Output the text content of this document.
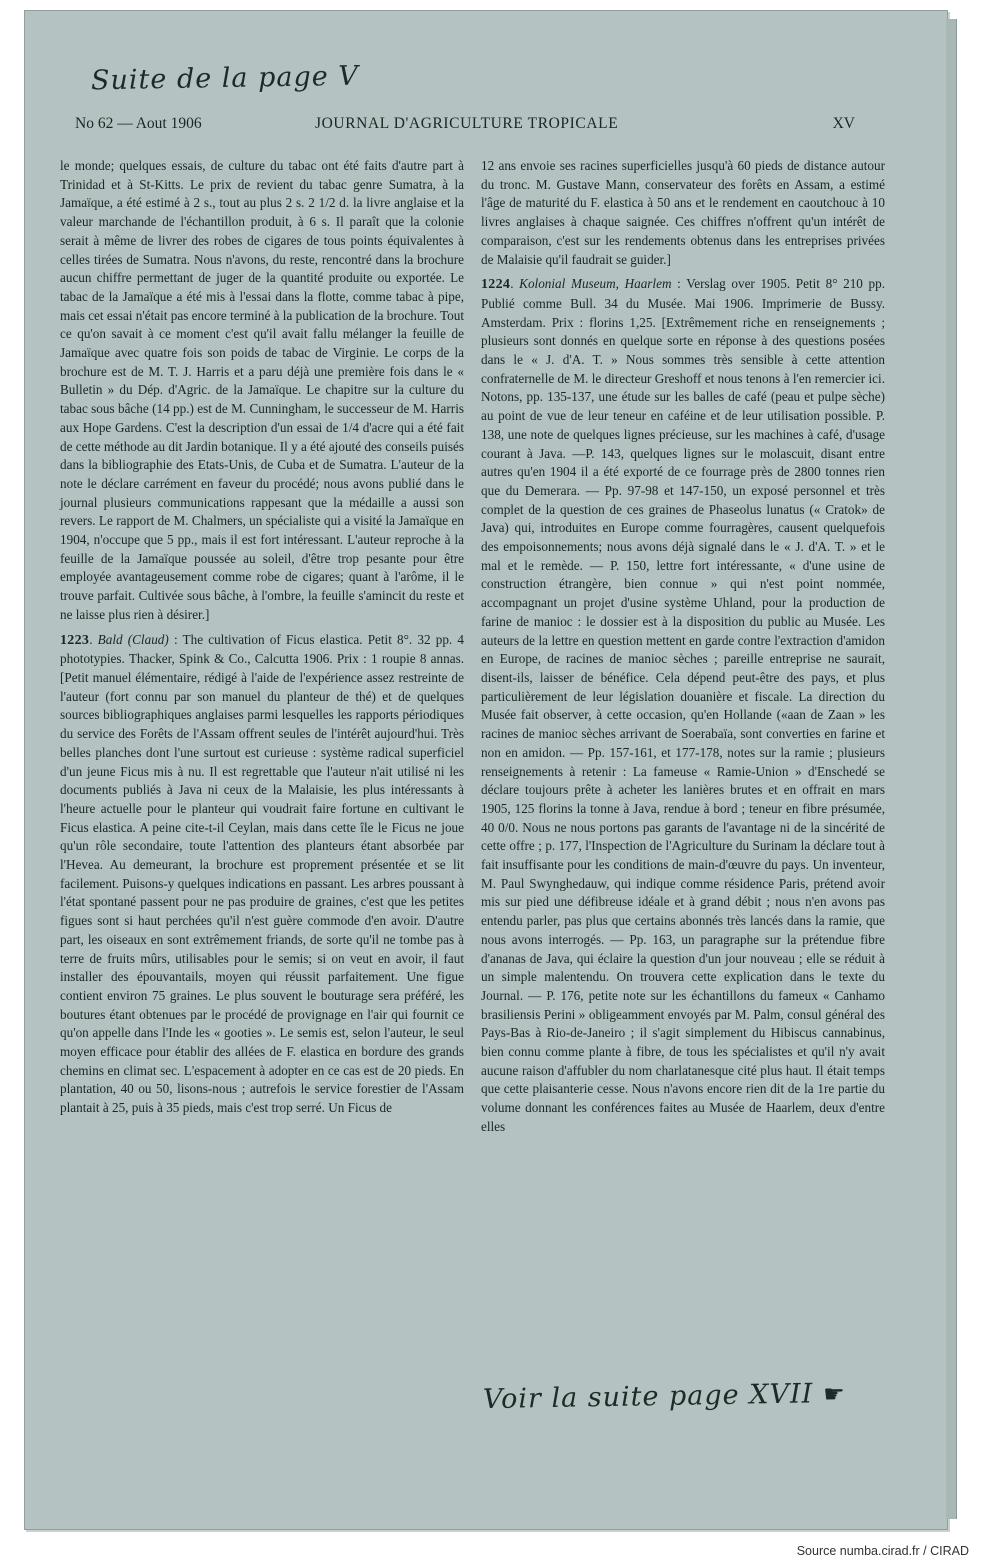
Suite de la page V
No 62 — Aout 1906	JOURNAL D'AGRICULTURE TROPICALE	XV

le monde; quelques essais, de culture du tabac ont été faits d'autre part à Trinidad et à St-Kitts. Le prix de revient du tabac genre Sumatra, à la Jamaïque, a été estimé à 2 s., tout au plus 2 s. 2 1/2 d. la livre anglaise et la valeur marchande de l'échantillon produit, à 6 s. Il paraît que la colonie serait à même de livrer des robes de cigares de tous points équivalentes à celles tirées de Sumatra. Nous n'avons, du reste, rencontré dans la brochure aucun chiffre permettant de juger de la quantité produite ou exportée. Le tabac de la Jamaïque a été mis à l'essai dans la flotte, comme tabac à pipe, mais cet essai n'était pas encore terminé à la publication de la brochure. Tout ce qu'on savait à ce moment c'est qu'il avait fallu mélanger la feuille de Jamaïque avec quatre fois son poids de tabac de Virginie. Le corps de la brochure est de M. T. J. Harris et a paru déjà une première fois dans le « Bulletin » du Dép. d'Agric. de la Jamaïque. Le chapitre sur la culture du tabac sous bâche (14 pp.) est de M. Cunningham, le successeur de M. Harris aux Hope Gardens. C'est la description d'un essai de 1/4 d'acre qui a été fait de cette méthode au dit Jardin botanique. Il y a été ajouté des conseils puisés dans la bibliographie des Etats-Unis, de Cuba et de Sumatra. L'auteur de la note le déclare carrément en faveur du procédé; nous avons publié dans le journal plusieurs communications rappesant que la médaille a aussi son revers. Le rapport de M. Chalmers, un spécialiste qui a visité la Jamaïque en 1904, n'occupe que 5 pp., mais il est fort intéressant. L'auteur reproche à la feuille de la Jamaïque poussée au soleil, d'être trop pesante pour être employée avantageusement comme robe de cigares; quant à l'arôme, il le trouve parfait. Cultivée sous bâche, à l'ombre, la feuille s'amincit du reste et ne laisse plus rien à désirer.]

1223. Bald (Claud) : The cultivation of Ficus elastica. Petit 8°. 32 pp. 4 phototypies. Thacker, Spink & Co., Calcutta 1906. Prix : 1 roupie 8 annas. [Petit manuel élémentaire, rédigé à l'aide de l'expérience assez restreinte de l'auteur (fort connu par son manuel du planteur de thé) et de quelques sources bibliographiques anglaises parmi lesquelles les rapports périodiques du service des Forêts de l'Assam offrent seules de l'intérêt aujourd'hui. Très belles planches dont l'une surtout est curieuse : système radical superficiel d'un jeune Ficus mis à nu. Il est regrettable que l'auteur n'ait utilisé ni les documents publiés à Java ni ceux de la Malaisie, les plus intéressants à l'heure actuelle pour le planteur qui voudrait faire fortune en cultivant le Ficus elastica. A peine cite-t-il Ceylan, mais dans cette île le Ficus ne joue qu'un rôle secondaire, toute l'attention des planteurs étant absorbée par l'Hevea. Au demeurant, la brochure est proprement présentée et se lit facilement. Puisons-y quelques indications en passant. Les arbres poussant à l'état spontané passent pour ne pas produire de graines, c'est que les petites figues sont si haut perchées qu'il n'est guère commode d'en avoir. D'autre part, les oiseaux en sont extrêmement friands, de sorte qu'il ne tombe pas à terre de fruits mûrs, utilisables pour le semis; si on veut en avoir, il faut installer des épouvantails, moyen qui réussit parfaitement. Une figue contient environ 75 graines. Le plus souvent le bouturage sera préféré, les boutures étant obtenues par le procédé de provignage en l'air qui fournit ce qu'on appelle dans l'Inde les « gooties ». Le semis est, selon l'auteur, le seul moyen efficace pour établir des allées de F. elastica en bordure des grands chemins en climat sec. L'espacement à adopter en ce cas est de 20 pieds. En plantation, 40 ou 50, lisons-nous ; autrefois le service forestier de l'Assam plantait à 25, puis à 35 pieds, mais c'est trop serré. Un Ficus de

12 ans envoie ses racines superficielles jusqu'à 60 pieds de distance autour du tronc. M. Gustave Mann, conservateur des forêts en Assam, a estimé l'âge de maturité du F. elastica à 50 ans et le rendement en caoutchouc à 10 livres anglaises à chaque saignée. Ces chiffres n'offrent qu'un intérêt de comparaison, c'est sur les rendements obtenus dans les entreprises privées de Malaisie qu'il faudrait se guider.]

1224. Kolonial Museum, Haarlem : Verslag over 1905. Petit 8° 210 pp. Publié comme Bull. 34 du Musée. Mai 1906. Imprimerie de Bussy. Amsterdam. Prix : florins 1,25. [Extrêmement riche en renseignements ; plusieurs sont donnés en quelque sorte en réponse à des questions posées dans le « J. d'A. T. » Nous sommes très sensible à cette attention confraternelle de M. le directeur Greshoff et nous tenons à l'en remercier ici. Notons, pp. 135-137, une étude sur les balles de café (peau et pulpe sèche) au point de vue de leur teneur en caféine et de leur utilisation possible. P. 138, une note de quelques lignes précieuse, sur les machines à café, d'usage courant à Java. —P. 143, quelques lignes sur le molascuit, disant entre autres qu'en 1904 il a été exporté de ce fourrage près de 2800 tonnes rien que du Demerara. — Pp. 97-98 et 147-150, un exposé personnel et très complet de la question de ces graines de Phaseolus lunatus (« Cratok» de Java) qui, introduites en Europe comme fourragères, causent quelquefois des empoisonnements; nous avons déjà signalé dans le « J. d'A. T. » et le mal et le remède. — P. 150, lettre fort intéressante, « d'une usine de construction étrangère, bien connue » qui n'est point nommée, accompagnant un projet d'usine système Uhland, pour la production de farine de manioc : le dossier est à la disposition du public au Musée. Les auteurs de la lettre en question mettent en garde contre l'extraction d'amidon en Europe, de racines de manioc sèches ; pareille entreprise ne saurait, disent-ils, laisser de bénéfice. Cela dépend peut-être des pays, et plus particulièrement de leur législation douanière et fiscale. La direction du Musée fait observer, à cette occasion, qu'en Hollande («aan de Zaan » les racines de manioc sèches arrivant de Soerabaïa, sont converties en farine et non en amidon. — Pp. 157-161, et 177-178, notes sur la ramie ; plusieurs renseignements à retenir : La fameuse « Ramie-Union » d'Enschedé se déclare toujours prête à acheter les lanières brutes et en offrait en mars 1905, 125 florins la tonne à Java, rendue à bord ; teneur en fibre présumée, 40 0/0. Nous ne nous portons pas garants de l'avantage ni de la sincérité de cette offre ; p. 177, l'Inspection de l'Agriculture du Surinam la déclare tout à fait insuffisante pour les conditions de main-d'œuvre du pays. Un inventeur, M. Paul Swynghedauw, qui indique comme résidence Paris, prétend avoir mis sur pied une défibreuse idéale et à grand débit ; nous n'en avons pas entendu parler, pas plus que certains abonnés très lancés dans la ramie, que nous avons interrogés. — Pp. 163, un paragraphe sur la prétendue fibre d'ananas de Java, qui éclaire la question d'un jour nouveau ; elle se réduit à un simple malentendu. On trouvera cette explication dans le texte du Journal. — P. 176, petite note sur les échantillons du fameux « Canhamo brasiliensis Perini » obligeamment envoyés par M. Palm, consul général des Pays-Bas à Rio-de-Janeiro ; il s'agit simplement du Hibiscus cannabinus, bien connu comme plante à fibre, de tous les spécialistes et qu'il n'y avait aucune raison d'affubler du nom charlatanesque cité plus haut. Il était temps que cette plaisanterie cesse. Nous n'avons encore rien dit de la 1re partie du volume donnant les conférences faites au Musée de Haarlem, deux d'entre elles

Voir la suite page XVII ☛
Source numba.cirad.fr / CIRAD
